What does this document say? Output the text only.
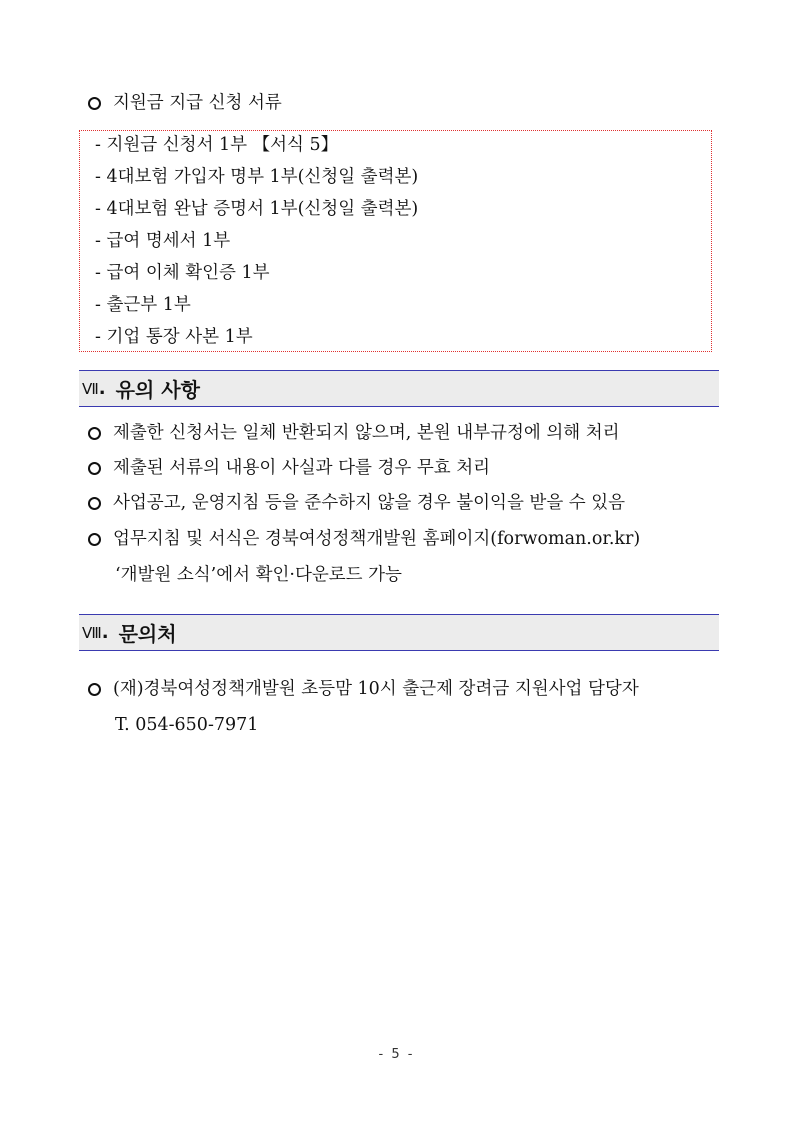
지원금 지급 신청 서류
- 지원금 신청서 1부 【서식 5】
- 4대보험 가입자 명부 1부(신청일 출력본)
- 4대보험 완납 증명서 1부(신청일 출력본)
- 급여 명세서 1부
- 급여 이체 확인증 1부
- 출근부 1부
- 기업 통장 사본 1부
Ⅶ . 유의 사항
제출한 신청서는 일체 반환되지 않으며, 본원 내부규정에 의해 처리
제출된 서류의 내용이 사실과 다를 경우 무효 처리
사업공고, 운영지침 등을 준수하지 않을 경우 불이익을 받을 수 있음
업무지침 및 서식은 경북여성정책개발원 홈페이지(forwoman.or.kr)
‘개발원 소식’에서 확인·다운로드 가능
Ⅷ . 문의처
(재)경북여성정책개발원 초등맘 10시 출근제 장려금 지원사업 담당자
T. 054-650-7971
- 5 -
